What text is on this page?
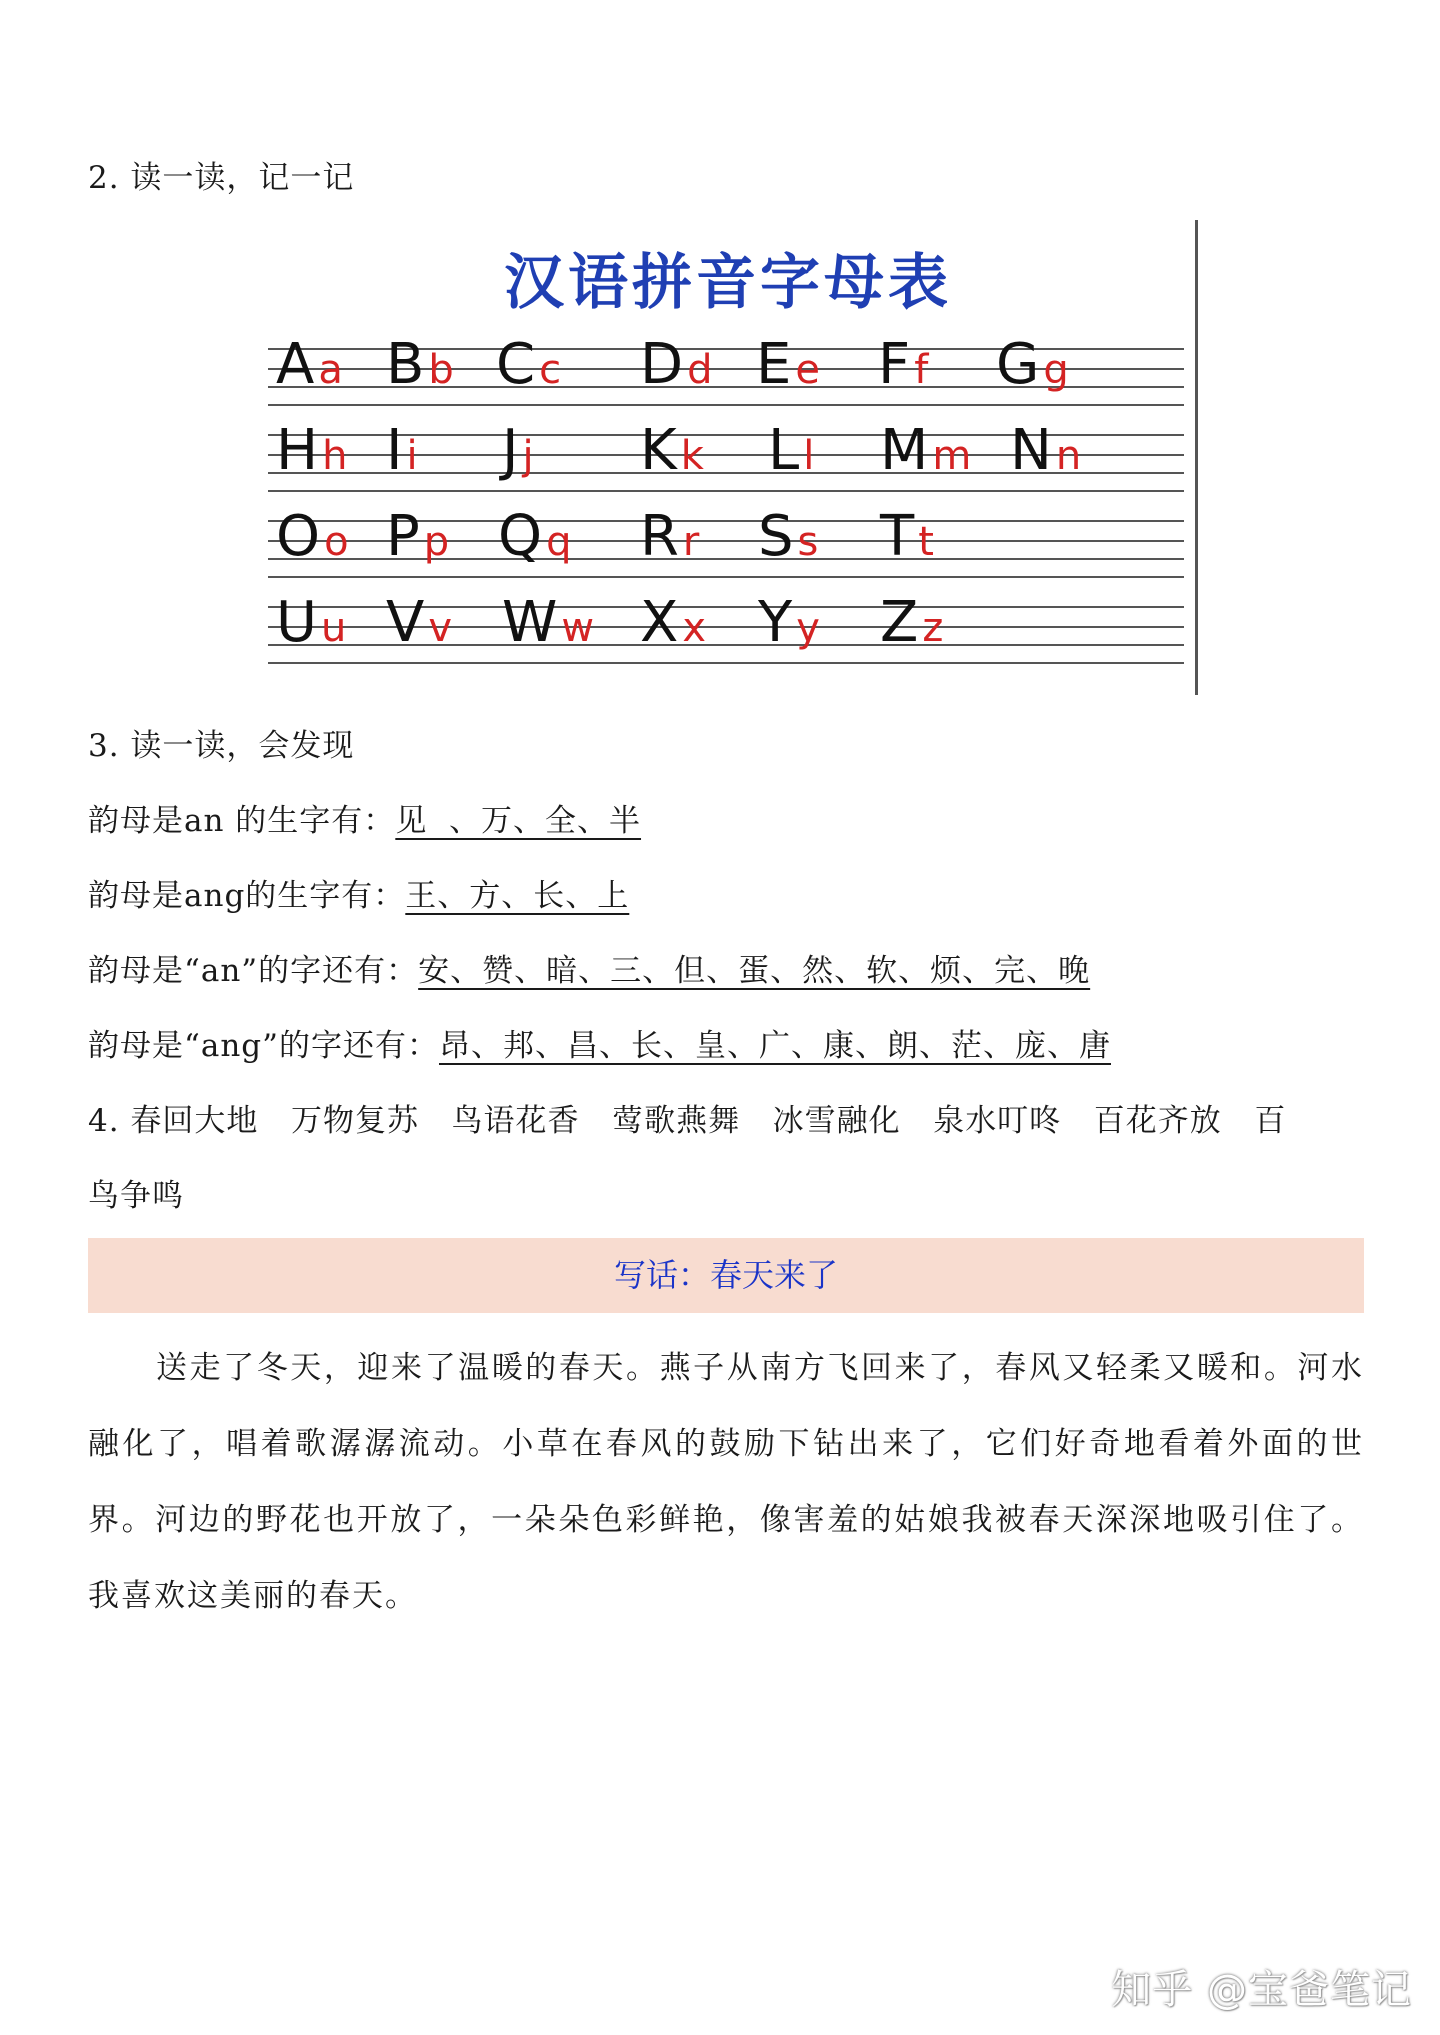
2. 读一读，记一记
汉语拼音字母表
A a B b C c D d E e F f G g
H h I i J j K k L l M m N n
O o P p Q q R r S s T t
U u V v W w X x Y y Z z
3. 读一读，会发现
韵母是an 的生字有：见  、万、全、半
韵母是ang的生字有：王、方、长、上
韵母是“an”的字还有：安、赞、暗、三、但、蛋、然、软、烦、完、晚
韵母是“ang”的字还有：昂、邦、昌、长、皇、广、康、朗、茫、庞、唐
4. 春回大地   万物复苏   鸟语花香   莺歌燕舞   冰雪融化   泉水叮咚   百花齐放   百
鸟争鸣
写话：春天来了
送走了冬天，迎来了温暖的春天。燕子从南方飞回来了，春风又轻柔又暖和。河水融化了，唱着歌潺潺流动。小草在春风的鼓励下钻出来了，它们好奇地看着外面的世界。河边的野花也开放了，一朵朵色彩鲜艳，像害羞的姑娘我被春天深深地吸引住了。我喜欢这美丽的春天。
知乎 @宝爸笔记
